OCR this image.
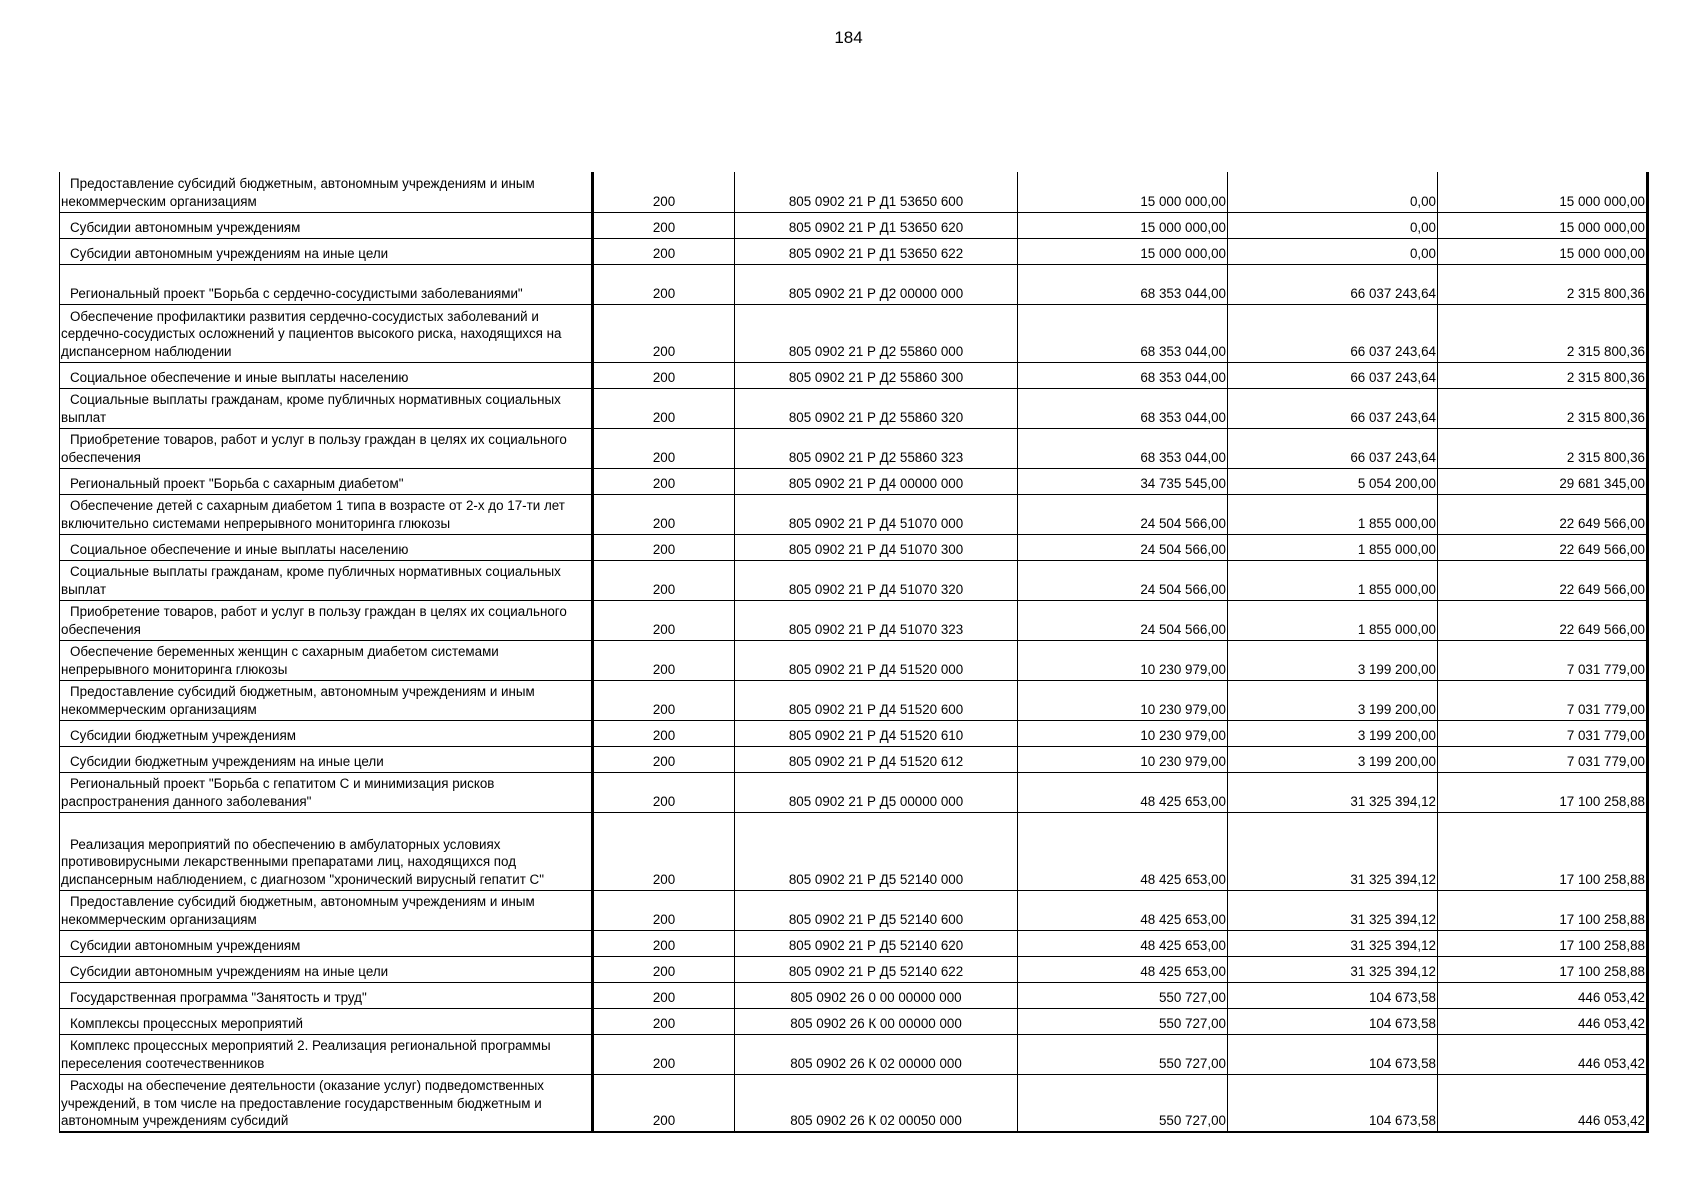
184
Предоставление субсидий бюджетным, автономным учреждениям и иным некоммерческим организациям	200	805 0902 21 Р Д1 53650 600	15 000 000,00	0,00	15 000 000,00

Субсидии автономным учреждениям	200	805 0902 21 Р Д1 53650 620	15 000 000,00	0,00	15 000 000,00

Субсидии автономным учреждениям на иные цели	200	805 0902 21 Р Д1 53650 622	15 000 000,00	0,00	15 000 000,00

Региональный проект "Борьба с сердечно-сосудистыми заболеваниями"	200	805 0902 21 Р Д2 00000 000	68 353 044,00	66 037 243,64	2 315 800,36

Обеспечение профилактики развития сердечно-сосудистых заболеваний и сердечно-сосудистых осложнений у пациентов высокого риска, находящихся на диспансерном наблюдении	200	805 0902 21 Р Д2 55860 000	68 353 044,00	66 037 243,64	2 315 800,36

Социальное обеспечение и иные выплаты населению	200	805 0902 21 Р Д2 55860 300	68 353 044,00	66 037 243,64	2 315 800,36

Социальные выплаты гражданам, кроме публичных нормативных социальных выплат	200	805 0902 21 Р Д2 55860 320	68 353 044,00	66 037 243,64	2 315 800,36

Приобретение товаров, работ и услуг в пользу граждан в целях их социального обеспечения	200	805 0902 21 Р Д2 55860 323	68 353 044,00	66 037 243,64	2 315 800,36

Региональный проект "Борьба с сахарным диабетом"	200	805 0902 21 Р Д4 00000 000	34 735 545,00	5 054 200,00	29 681 345,00

Обеспечение детей с сахарным диабетом 1 типа в возрасте от 2-х до 17-ти лет включительно системами непрерывного мониторинга глюкозы	200	805 0902 21 Р Д4 51070 000	24 504 566,00	1 855 000,00	22 649 566,00

Социальное обеспечение и иные выплаты населению	200	805 0902 21 Р Д4 51070 300	24 504 566,00	1 855 000,00	22 649 566,00

Социальные выплаты гражданам, кроме публичных нормативных социальных выплат	200	805 0902 21 Р Д4 51070 320	24 504 566,00	1 855 000,00	22 649 566,00

Приобретение товаров, работ и услуг в пользу граждан в целях их социального обеспечения	200	805 0902 21 Р Д4 51070 323	24 504 566,00	1 855 000,00	22 649 566,00

Обеспечение беременных женщин с сахарным диабетом системами непрерывного мониторинга глюкозы	200	805 0902 21 Р Д4 51520 000	10 230 979,00	3 199 200,00	7 031 779,00

Предоставление субсидий бюджетным, автономным учреждениям и иным некоммерческим организациям	200	805 0902 21 Р Д4 51520 600	10 230 979,00	3 199 200,00	7 031 779,00

Субсидии бюджетным учреждениям	200	805 0902 21 Р Д4 51520 610	10 230 979,00	3 199 200,00	7 031 779,00

Субсидии бюджетным учреждениям на иные цели	200	805 0902 21 Р Д4 51520 612	10 230 979,00	3 199 200,00	7 031 779,00

Региональный проект "Борьба с гепатитом С и минимизация рисков распространения данного заболевания"	200	805 0902 21 Р Д5 00000 000	48 425 653,00	31 325 394,12	17 100 258,88

Реализация мероприятий по обеспечению в амбулаторных условиях противовирусными лекарственными препаратами лиц, находящихся под диспансерным наблюдением, с диагнозом "хронический вирусный гепатит С"	200	805 0902 21 Р Д5 52140 000	48 425 653,00	31 325 394,12	17 100 258,88

Предоставление субсидий бюджетным, автономным учреждениям и иным некоммерческим организациям	200	805 0902 21 Р Д5 52140 600	48 425 653,00	31 325 394,12	17 100 258,88

Субсидии автономным учреждениям	200	805 0902 21 Р Д5 52140 620	48 425 653,00	31 325 394,12	17 100 258,88

Субсидии автономным учреждениям на иные цели	200	805 0902 21 Р Д5 52140 622	48 425 653,00	31 325 394,12	17 100 258,88

Государственная программа "Занятость и труд"	200	805 0902 26 0 00 00000 000	550 727,00	104 673,58	446 053,42

Комплексы процессных мероприятий	200	805 0902 26 К 00 00000 000	550 727,00	104 673,58	446 053,42

Комплекс процессных мероприятий 2. Реализация региональной программы переселения соотечественников	200	805 0902 26 К 02 00000 000	550 727,00	104 673,58	446 053,42

Расходы на обеспечение деятельности (оказание услуг) подведомственных учреждений, в том числе на предоставление государственным бюджетным и автономным учреждениям субсидий	200	805 0902 26 К 02 00050 000	550 727,00	104 673,58	446 053,42
